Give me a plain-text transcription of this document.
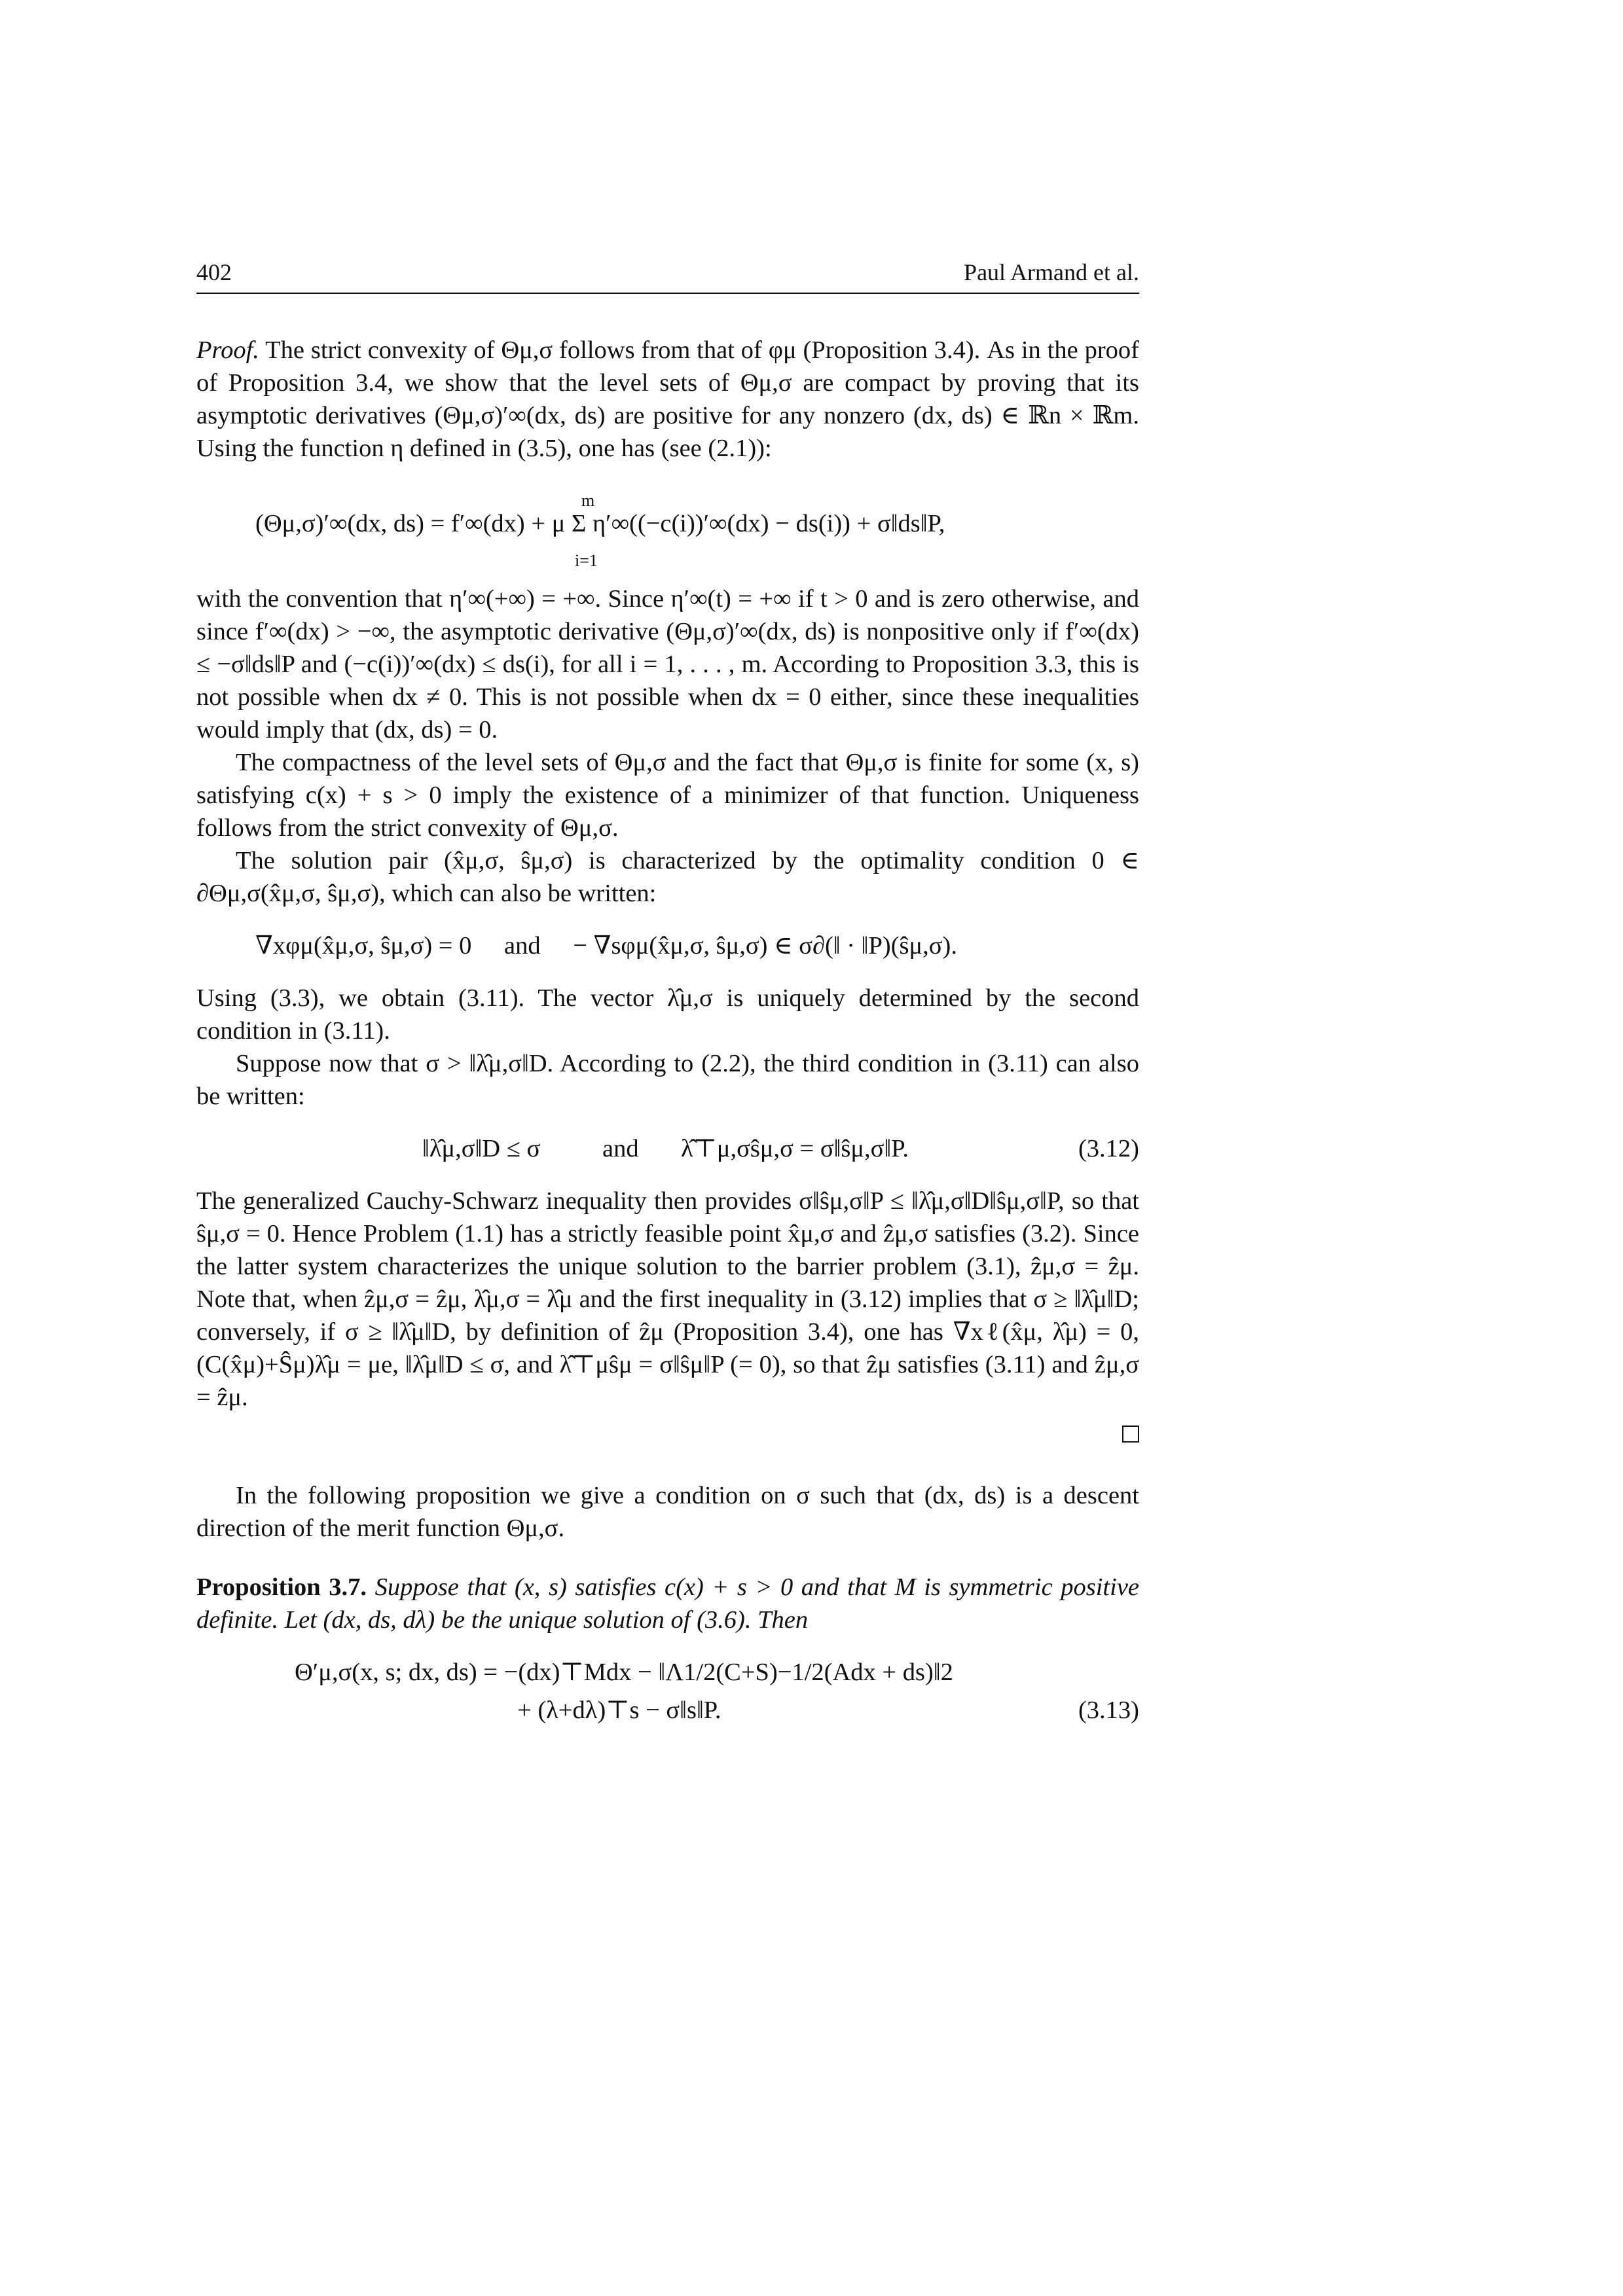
402	Paul Armand et al.

Proof. The strict convexity of Θμ,σ follows from that of φμ (Proposition 3.4). As in the proof of Proposition 3.4, we show that the level sets of Θμ,σ are compact by proving that its asymptotic derivatives (Θμ,σ)′∞(dx, ds) are positive for any nonzero (dx, ds) ∈ ℝn × ℝm. Using the function η defined in (3.5), one has (see (2.1)):

(Θμ,σ)′∞(dx, ds) = f′∞(dx) + μ Σ η′∞((−c(i))′∞(dx) − ds(i)) + σ‖ds‖P,
m
i=1

with the convention that η′∞(+∞) = +∞. Since η′∞(t) = +∞ if t > 0 and is zero otherwise, and since f′∞(dx) > −∞, the asymptotic derivative (Θμ,σ)′∞(dx, ds) is nonpositive only if f′∞(dx) ≤ −σ‖ds‖P and (−c(i))′∞(dx) ≤ ds(i), for all i = 1, . . . , m. According to Proposition 3.3, this is not possible when dx ≠ 0. This is not possible when dx = 0 either, since these inequalities would imply that (dx, ds) = 0.

The compactness of the level sets of Θμ,σ and the fact that Θμ,σ is finite for some (x, s) satisfying c(x) + s > 0 imply the existence of a minimizer of that function. Uniqueness follows from the strict convexity of Θμ,σ.

The solution pair (x̂μ,σ, ŝμ,σ) is characterized by the optimality condition 0 ∈ ∂Θμ,σ(x̂μ,σ, ŝμ,σ), which can also be written:

∇xφμ(x̂μ,σ, ŝμ,σ) = 0 and − ∇sφμ(x̂μ,σ, ŝμ,σ) ∈ σ∂(‖ · ‖P)(ŝμ,σ).

Using (3.3), we obtain (3.11). The vector λ̂μ,σ is uniquely determined by the second condition in (3.11).

Suppose now that σ > ‖λ̂μ,σ‖D. According to (2.2), the third condition in (3.11) can also be written:

‖λ̂μ,σ‖D ≤ σ and λ̂⊤μ,σŝμ,σ = σ‖ŝμ,σ‖P.	(3.12)

The generalized Cauchy-Schwarz inequality then provides σ‖ŝμ,σ‖P ≤ ‖λ̂μ,σ‖D‖ŝμ,σ‖P, so that ŝμ,σ = 0. Hence Problem (1.1) has a strictly feasible point x̂μ,σ and ẑμ,σ satisfies (3.2). Since the latter system characterizes the unique solution to the barrier problem (3.1), ẑμ,σ = ẑμ. Note that, when ẑμ,σ = ẑμ, λ̂μ,σ = λ̂μ and the first inequality in (3.12) implies that σ ≥ ‖λ̂μ‖D; conversely, if σ ≥ ‖λ̂μ‖D, by definition of ẑμ (Proposition 3.4), one has ∇xℓ(x̂μ, λ̂μ) = 0, (C(x̂μ)+Ŝμ)λ̂μ = μe, ‖λ̂μ‖D ≤ σ, and λ̂⊤μŝμ = σ‖ŝμ‖P (= 0), so that ẑμ satisfies (3.11) and ẑμ,σ = ẑμ.

In the following proposition we give a condition on σ such that (dx, ds) is a descent direction of the merit function Θμ,σ.

Proposition 3.7. Suppose that (x, s) satisfies c(x) + s > 0 and that M is symmetric positive definite. Let (dx, ds, dλ) be the unique solution of (3.6). Then

Θ′μ,σ(x, s; dx, ds) = −(dx)⊤Mdx − ‖Λ1/2(C+S)−1/2(Adx + ds)‖2
+ (λ+dλ)⊤s − σ‖s‖P.	(3.13)
